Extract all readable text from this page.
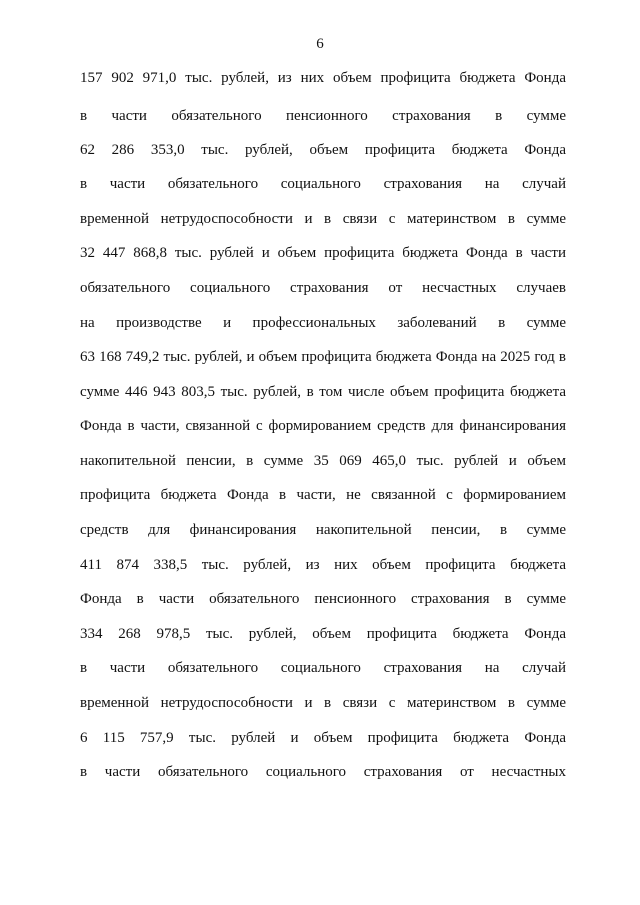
6
157 902 971,0 тыс. рублей, из них объем профицита бюджета Фонда
в части обязательного пенсионного страхования в сумме
62 286 353,0 тыс. рублей, объем профицита бюджета Фонда
в части обязательного социального страхования на случай
временной нетрудоспособности и в связи с материнством в сумме
32 447 868,8 тыс. рублей и объем профицита бюджета Фонда в части
обязательного социального страхования от несчастных случаев
на производстве и профессиональных заболеваний в сумме
63 168 749,2 тыс. рублей, и объем профицита бюджета Фонда на 2025 год в
сумме 446 943 803,5 тыс. рублей, в том числе объем профицита бюджета
Фонда в части, связанной с формированием средств для финансирования
накопительной пенсии, в сумме 35 069 465,0 тыс. рублей и объем
профицита бюджета Фонда в части, не связанной с формированием
средств для финансирования накопительной пенсии, в сумме
411 874 338,5 тыс. рублей, из них объем профицита бюджета
Фонда в части обязательного пенсионного страхования в сумме
334 268 978,5 тыс. рублей, объем профицита бюджета Фонда
в части обязательного социального страхования на случай
временной нетрудоспособности и в связи с материнством в сумме
6 115 757,9 тыс. рублей и объем профицита бюджета Фонда
в части обязательного социального страхования от несчастных
